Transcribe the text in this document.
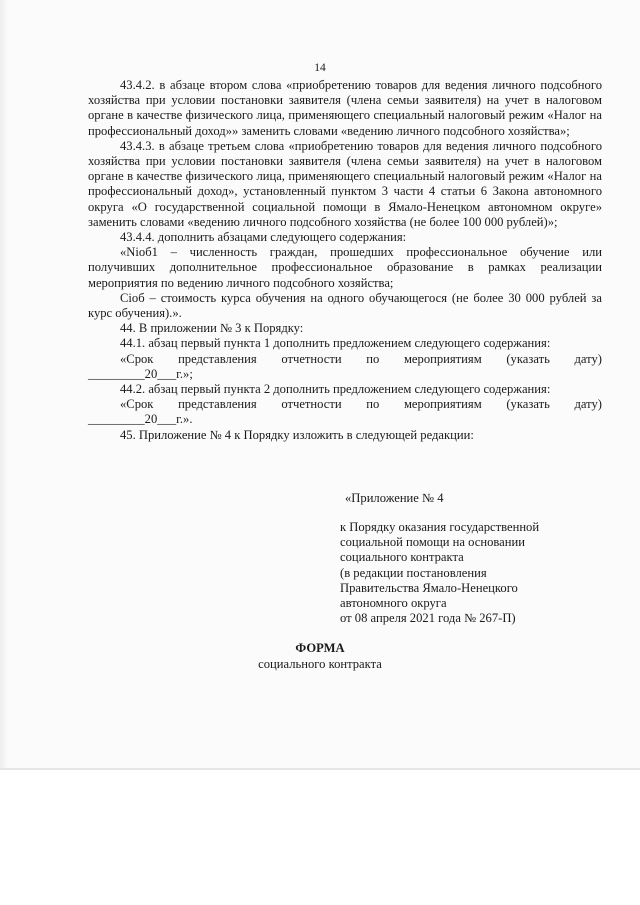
14

43.4.2. в абзаце втором слова «приобретению товаров для ведения личного подсобного хозяйства при условии постановки заявителя (члена семьи заявителя) на учет в налоговом органе в качестве физического лица, применяющего специальный налоговый режим «Налог на профессиональный доход»» заменить словами «ведению личного подсобного хозяйства»;

43.4.3. в абзаце третьем слова «приобретению товаров для ведения личного подсобного хозяйства при условии постановки заявителя (члена семьи заявителя) на учет в налоговом органе в качестве физического лица, применяющего специальный налоговый режим «Налог на профессиональный доход», установленный пунктом 3 части 4 статьи 6 Закона автономного округа «О государственной социальной помощи в Ямало-Ненецком автономном округе» заменить словами «ведению личного подсобного хозяйства (не более 100 000 рублей)»;

43.4.4. дополнить абзацами следующего содержания:

«Nioб1 – численность граждан, прошедших профессиональное обучение или получивших дополнительное профессиональное образование в рамках реализации мероприятия по ведению личного подсобного хозяйства;

Ciоб – стоимость курса обучения на одного обучающегося (не более 30 000 рублей за курс обучения).».

44. В приложении № 3 к Порядку:

44.1. абзац первый пункта 1 дополнить предложением следующего содержания:

«Срок представления отчетности по мероприятиям (указать дату)

_________20___г.»;

44.2. абзац первый пункта 2 дополнить предложением следующего содержания:

«Срок представления отчетности по мероприятиям (указать дату)

_________20___г.».

45. Приложение № 4 к Порядку изложить в следующей редакции:

«Приложение № 4
к Порядку оказания государственной
социальной помощи на основании
социального контракта
(в редакции постановления
Правительства Ямало-Ненецкого
автономного округа
от 08 апреля 2021 года № 267-П)
ФОРМА
социального контракта
